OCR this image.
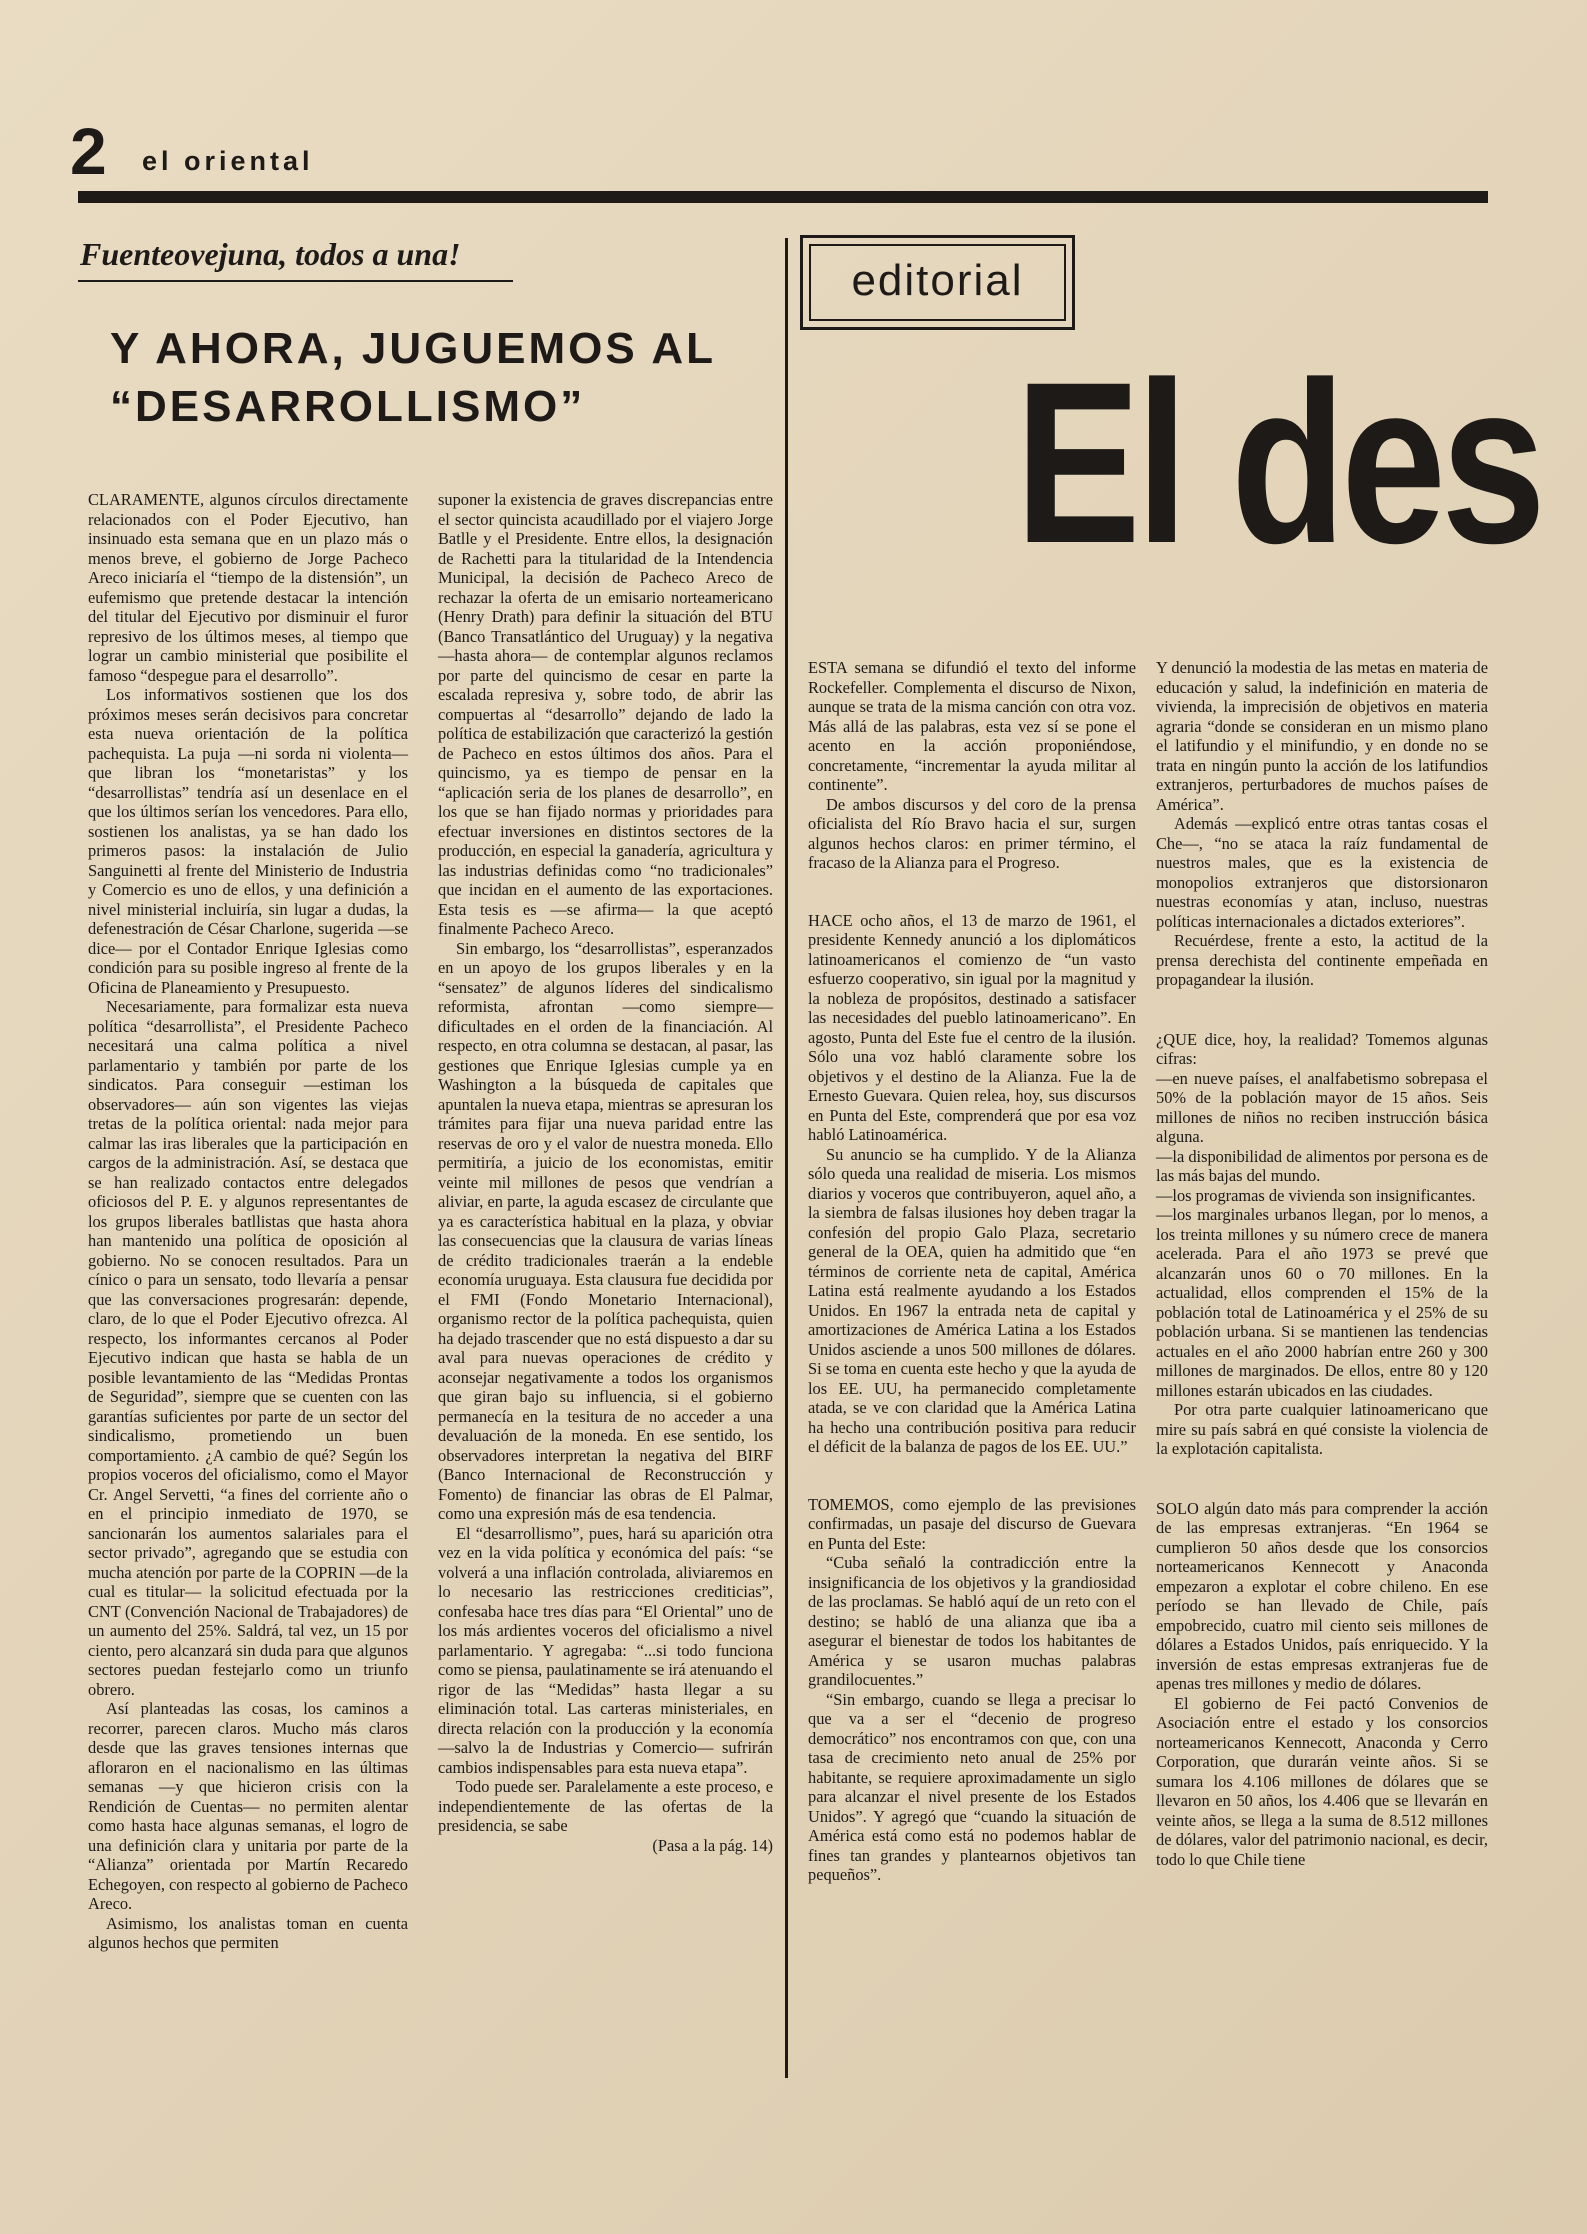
2 el oriental
Fuenteovejuna, todos a una!
Y AHORA, JUGUEMOS AL “DESARROLLISMO”

CLARAMENTE, algunos círculos directamente relacionados con el Poder Ejecutivo, han insinuado esta semana que en un plazo más o menos breve, el gobierno de Jorge Pacheco Areco iniciaría el “tiempo de la distensión”, un eufemismo que pretende destacar la intención del titular del Ejecutivo por disminuir el furor represivo de los últimos meses, al tiempo que lograr un cambio ministerial que posibilite el famoso “despegue para el desarrollo”.

Los informativos sostienen que los dos próximos meses serán decisivos para concretar esta nueva orientación de la política pachequista. La puja —ni sorda ni violenta— que libran los “monetaristas” y los “desarrollistas” tendría así un desenlace en el que los últimos serían los vencedores. Para ello, sostienen los analistas, ya se han dado los primeros pasos: la instalación de Julio Sanguinetti al frente del Ministerio de Industria y Comercio es uno de ellos, y una definición a nivel ministerial incluiría, sin lugar a dudas, la defenestración de César Charlone, sugerida —se dice— por el Contador Enrique Iglesias como condición para su posible ingreso al frente de la Oficina de Planeamiento y Presupuesto.

Necesariamente, para formalizar esta nueva política “desarrollista”, el Presidente Pacheco necesitará una calma política a nivel parlamentario y también por parte de los sindicatos. Para conseguir —estiman los observadores— aún son vigentes las viejas tretas de la política oriental: nada mejor para calmar las iras liberales que la participación en cargos de la administración. Así, se destaca que se han realizado contactos entre delegados oficiosos del P. E. y algunos representantes de los grupos liberales batllistas que hasta ahora han mantenido una política de oposición al gobierno. No se conocen resultados. Para un cínico o para un sensato, todo llevaría a pensar que las conversaciones progresarán: depende, claro, de lo que el Poder Ejecutivo ofrezca. Al respecto, los informantes cercanos al Poder Ejecutivo indican que hasta se habla de un posible levantamiento de las “Medidas Prontas de Seguridad”, siempre que se cuenten con las garantías suficientes por parte de un sector del sindicalismo, prometiendo un buen comportamiento. ¿A cambio de qué? Según los propios voceros del oficialismo, como el Mayor Cr. Angel Servetti, “a fines del corriente año o en el principio inmediato de 1970, se sancionarán los aumentos salariales para el sector privado”, agregando que se estudia con mucha atención por parte de la COPRIN —de la cual es titular— la solicitud efectuada por la CNT (Convención Nacional de Trabajadores) de un aumento del 25%. Saldrá, tal vez, un 15 por ciento, pero alcanzará sin duda para que algunos sectores puedan festejarlo como un triunfo obrero.

Así planteadas las cosas, los caminos a recorrer, parecen claros. Mucho más claros desde que las graves tensiones internas que afloraron en el nacionalismo en las últimas semanas —y que hicieron crisis con la Rendición de Cuentas— no permiten alentar como hasta hace algunas semanas, el logro de una definición clara y unitaria por parte de la “Alianza” orientada por Martín Recaredo Echegoyen, con respecto al gobierno de Pacheco Areco.

Asimismo, los analistas toman en cuenta algunos hechos que permiten

suponer la existencia de graves discrepancias entre el sector quincista acaudillado por el viajero Jorge Batlle y el Presidente. Entre ellos, la designación de Rachetti para la titularidad de la Intendencia Municipal, la decisión de Pacheco Areco de rechazar la oferta de un emisario norteamericano (Henry Drath) para definir la situación del BTU (Banco Transatlántico del Uruguay) y la negativa —hasta ahora— de contemplar algunos reclamos por parte del quincismo de cesar en parte la escalada represiva y, sobre todo, de abrir las compuertas al “desarrollo” dejando de lado la política de estabilización que caracterizó la gestión de Pacheco en estos últimos dos años. Para el quincismo, ya es tiempo de pensar en la “aplicación seria de los planes de desarrollo”, en los que se han fijado normas y prioridades para efectuar inversiones en distintos sectores de la producción, en especial la ganadería, agricultura y las industrias definidas como “no tradicionales” que incidan en el aumento de las exportaciones. Esta tesis es —se afirma— la que aceptó finalmente Pacheco Areco.

Sin embargo, los “desarrollistas”, esperanzados en un apoyo de los grupos liberales y en la “sensatez” de algunos líderes del sindicalismo reformista, afrontan —como siempre— dificultades en el orden de la financiación. Al respecto, en otra columna se destacan, al pasar, las gestiones que Enrique Iglesias cumple ya en Washington a la búsqueda de capitales que apuntalen la nueva etapa, mientras se apresuran los trámites para fijar una nueva paridad entre las reservas de oro y el valor de nuestra moneda. Ello permitiría, a juicio de los economistas, emitir veinte mil millones de pesos que vendrían a aliviar, en parte, la aguda escasez de circulante que ya es característica habitual en la plaza, y obviar las consecuencias que la clausura de varias líneas de crédito tradicionales traerán a la endeble economía uruguaya. Esta clausura fue decidida por el FMI (Fondo Monetario Internacional), organismo rector de la política pachequista, quien ha dejado trascender que no está dispuesto a dar su aval para nuevas operaciones de crédito y aconsejar negativamente a todos los organismos que giran bajo su influencia, si el gobierno permanecía en la tesitura de no acceder a una devaluación de la moneda. En ese sentido, los observadores interpretan la negativa del BIRF (Banco Internacional de Reconstrucción y Fomento) de financiar las obras de El Palmar, como una expresión más de esa tendencia.

El “desarrollismo”, pues, hará su aparición otra vez en la vida política y económica del país: “se volverá a una inflación controlada, aliviaremos en lo necesario las restricciones crediticias”, confesaba hace tres días para “El Oriental” uno de los más ardientes voceros del oficialismo a nivel parlamentario. Y agregaba: “...si todo funciona como se piensa, paulatinamente se irá atenuando el rigor de las “Medidas” hasta llegar a su eliminación total. Las carteras ministeriales, en directa relación con la producción y la economía —salvo la de Industrias y Comercio— sufrirán cambios indispensables para esta nueva etapa”.

Todo puede ser. Paralelamente a este proceso, e independientemente de las ofertas de la presidencia, se sabe

(Pasa a la pág. 14)

editorial
El des

ESTA semana se difundió el texto del informe Rockefeller. Complementa el discurso de Nixon, aunque se trata de la misma canción con otra voz. Más allá de las palabras, esta vez sí se pone el acento en la acción proponiéndose, concretamente, “incrementar la ayuda militar al continente”.

De ambos discursos y del coro de la prensa oficialista del Río Bravo hacia el sur, surgen algunos hechos claros: en primer término, el fracaso de la Alianza para el Progreso.

HACE ocho años, el 13 de marzo de 1961, el presidente Kennedy anunció a los diplomáticos latinoamericanos el comienzo de “un vasto esfuerzo cooperativo, sin igual por la magnitud y la nobleza de propósitos, destinado a satisfacer las necesidades del pueblo latinoamericano”. En agosto, Punta del Este fue el centro de la ilusión. Sólo una voz habló claramente sobre los objetivos y el destino de la Alianza. Fue la de Ernesto Guevara. Quien relea, hoy, sus discursos en Punta del Este, comprenderá que por esa voz habló Latinoamérica.

Su anuncio se ha cumplido. Y de la Alianza sólo queda una realidad de miseria. Los mismos diarios y voceros que contribuyeron, aquel año, a la siembra de falsas ilusiones hoy deben tragar la confesión del propio Galo Plaza, secretario general de la OEA, quien ha admitido que “en términos de corriente neta de capital, América Latina está realmente ayudando a los Estados Unidos. En 1967 la entrada neta de capital y amortizaciones de América Latina a los Estados Unidos asciende a unos 500 millones de dólares. Si se toma en cuenta este hecho y que la ayuda de los EE. UU, ha permanecido completamente atada, se ve con claridad que la América Latina ha hecho una contribución positiva para reducir el déficit de la balanza de pagos de los EE. UU.”

TOMEMOS, como ejemplo de las previsiones confirmadas, un pasaje del discurso de Guevara en Punta del Este:

“Cuba señaló la contradicción entre la insignificancia de los objetivos y la grandiosidad de las proclamas. Se habló aquí de un reto con el destino; se habló de una alianza que iba a asegurar el bienestar de todos los habitantes de América y se usaron muchas palabras grandilocuentes.”

“Sin embargo, cuando se llega a precisar lo que va a ser el “decenio de progreso democrático” nos encontramos con que, con una tasa de crecimiento neto anual de 25% por habitante, se requiere aproximadamente un siglo para alcanzar el nivel presente de los Estados Unidos”. Y agregó que “cuando la situación de América está como está no podemos hablar de fines tan grandes y plantearnos objetivos tan pequeños”.

Y denunció la modestia de las metas en materia de educación y salud, la indefinición en materia de vivienda, la imprecisión de objetivos en materia agraria “donde se consideran en un mismo plano el latifundio y el minifundio, y en donde no se trata en ningún punto la acción de los latifundios extranjeros, perturbadores de muchos países de América”.

Además —explicó entre otras tantas cosas el Che—, “no se ataca la raíz fundamental de nuestros males, que es la existencia de monopolios extranjeros que distorsionaron nuestras economías y atan, incluso, nuestras políticas internacionales a dictados exteriores”.

Recuérdese, frente a esto, la actitud de la prensa derechista del continente empeñada en propagandear la ilusión.

¿QUE dice, hoy, la realidad? Tomemos algunas cifras:

—en nueve países, el analfabetismo sobrepasa el 50% de la población mayor de 15 años. Seis millones de niños no reciben instrucción básica alguna.

—la disponibilidad de alimentos por persona es de las más bajas del mundo.

—los programas de vivienda son insignificantes.

—los marginales urbanos llegan, por lo menos, a los treinta millones y su número crece de manera acelerada. Para el año 1973 se prevé que alcanzarán unos 60 o 70 millones. En la actualidad, ellos comprenden el 15% de la población total de Latinoamérica y el 25% de su población urbana. Si se mantienen las tendencias actuales en el año 2000 habrían entre 260 y 300 millones de marginados. De ellos, entre 80 y 120 millones estarán ubicados en las ciudades.

Por otra parte cualquier latinoamericano que mire su país sabrá en qué consiste la violencia de la explotación capitalista.

SOLO algún dato más para comprender la acción de las empresas extranjeras. “En 1964 se cumplieron 50 años desde que los consorcios norteamericanos Kennecott y Anaconda empezaron a explotar el cobre chileno. En ese período se han llevado de Chile, país empobrecido, cuatro mil ciento seis millones de dólares a Estados Unidos, país enriquecido. Y la inversión de estas empresas extranjeras fue de apenas tres millones y medio de dólares.

El gobierno de Fei pactó Convenios de Asociación entre el estado y los consorcios norteamericanos Kennecott, Anaconda y Cerro Corporation, que durarán veinte años. Si se sumara los 4.106 millones de dólares que se llevaron en 50 años, los 4.406 que se llevarán en veinte años, se llega a la suma de 8.512 millones de dólares, valor del patrimonio nacional, es decir, todo lo que Chile tiene
